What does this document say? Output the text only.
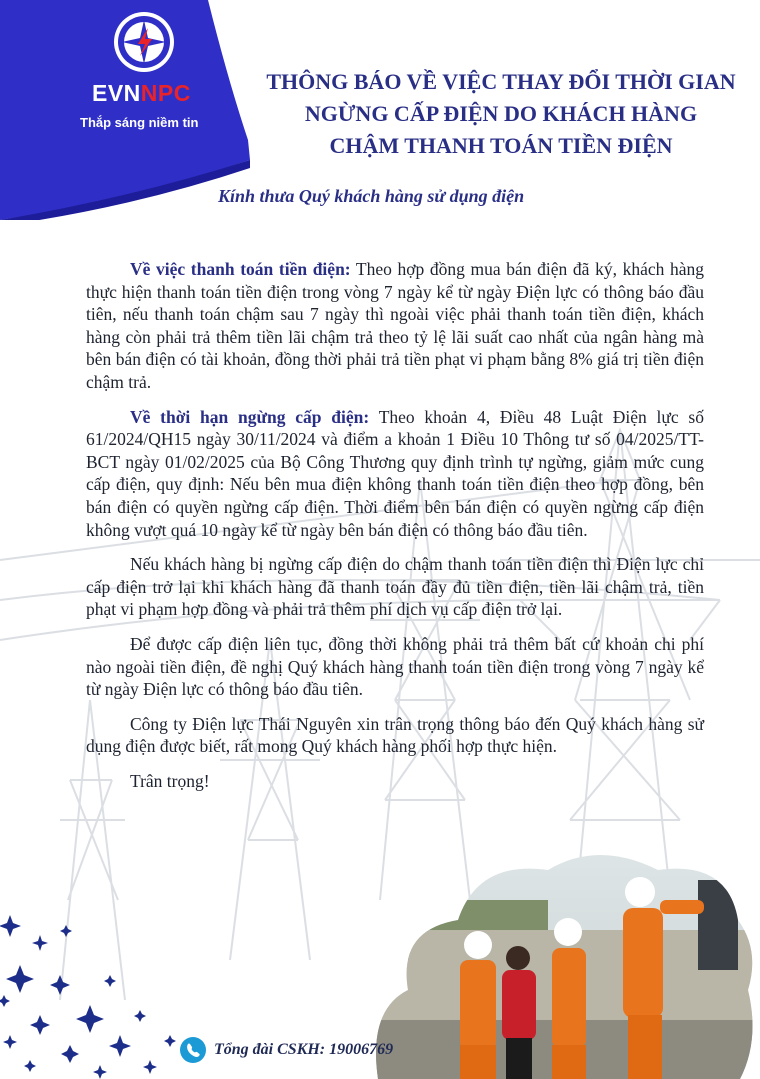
EVNNPC
Thắp sáng niềm tin
THÔNG BÁO VỀ VIỆC THAY ĐỔI THỜI GIAN
NGỪNG CẤP ĐIỆN DO KHÁCH HÀNG
CHẬM THANH TOÁN TIỀN ĐIỆN
Kính thưa Quý khách hàng sử dụng điện

Về việc thanh toán tiền điện: Theo hợp đồng mua bán điện đã ký, khách hàng thực hiện thanh toán tiền điện trong vòng 7 ngày kể từ ngày Điện lực có thông báo đầu tiên, nếu thanh toán chậm sau 7 ngày thì ngoài việc phải thanh toán tiền điện, khách hàng còn phải trả thêm tiền lãi chậm trả theo tỷ lệ lãi suất cao nhất của ngân hàng mà bên bán điện có tài khoản, đồng thời phải trả tiền phạt vi phạm bằng 8% giá trị tiền điện chậm trả.

Về thời hạn ngừng cấp điện: Theo khoản 4, Điều 48 Luật Điện lực số 61/2024/QH15 ngày 30/11/2024 và điểm a khoản 1 Điều 10 Thông tư số 04/2025/TT-BCT ngày 01/02/2025 của Bộ Công Thương quy định trình tự ngừng, giảm mức cung cấp điện, quy định: Nếu bên mua điện không thanh toán tiền điện theo hợp đồng, bên bán điện có quyền ngừng cấp điện. Thời điểm bên bán điện có quyền ngừng cấp điện không vượt quá 10 ngày kể từ ngày bên bán điện có thông báo đầu tiên.

Nếu khách hàng bị ngừng cấp điện do chậm thanh toán tiền điện thì Điện lực chỉ cấp điện trở lại khi khách hàng đã thanh toán đầy đủ tiền điện, tiền lãi chậm trả, tiền phạt vi phạm hợp đồng và phải trả thêm phí dịch vụ cấp điện trở lại.

Để được cấp điện liên tục, đồng thời không phải trả thêm bất cứ khoản chi phí nào ngoài tiền điện, đề nghị Quý khách hàng thanh toán tiền điện trong vòng 7 ngày kể từ ngày Điện lực có thông báo đầu tiên.

Công ty Điện lực Thái Nguyên xin trân trọng thông báo đến Quý khách hàng sử dụng điện được biết, rất mong Quý khách hàng phối hợp thực hiện.

Trân trọng!

Tổng đài CSKH: 19006769
